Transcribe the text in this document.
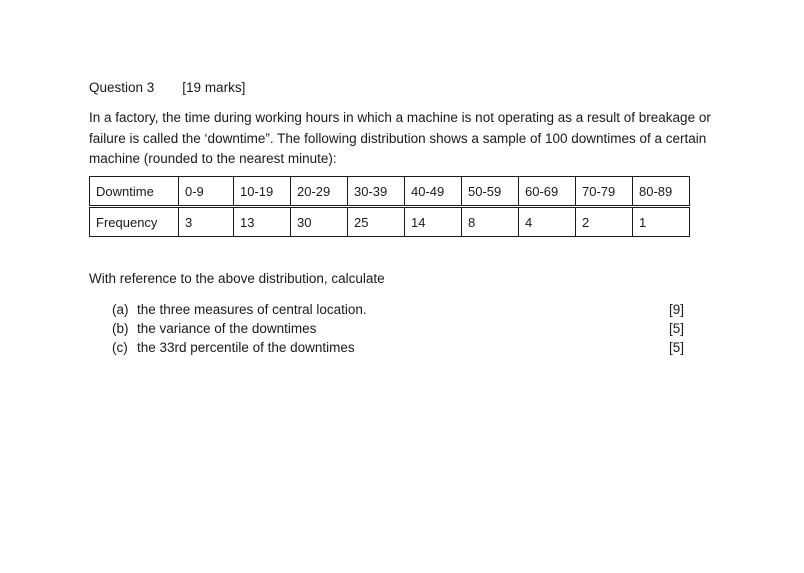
Question 3 [19 marks]
In a factory, the time during working hours in which a machine is not operating as a result of breakage or failure is called the ‘downtime”. The following distribution shows a sample of 100 downtimes of a certain machine (rounded to the nearest minute):
Downtime	0-9	10-19	20-29	30-39	40-49	50-59	60-69	70-79	80-89

Frequency	3	13	30	25	14	8	4	2	1
With reference to the above distribution, calculate
(a) the three measures of central location.	[9]
(b) the variance of the downtimes	[5]
(c) the 33rd percentile of the downtimes	[5]
